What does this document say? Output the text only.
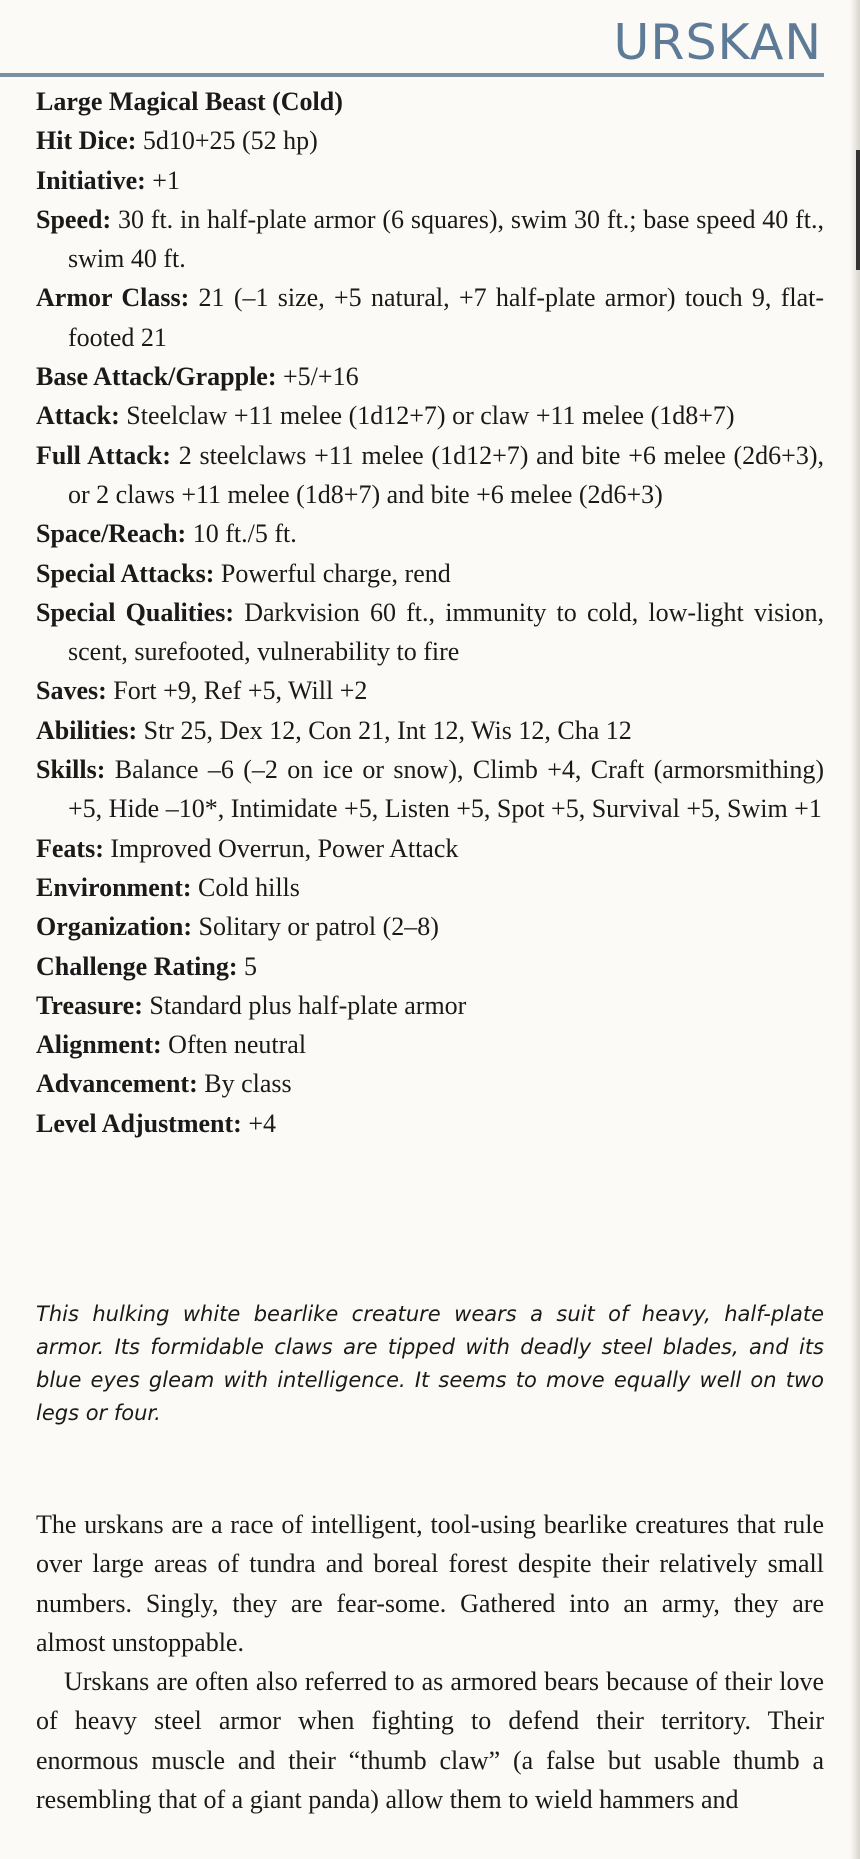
URSKAN
Large Magical Beast (Cold)
Hit Dice: 5d10+25 (52 hp)
Initiative: +1
Speed: 30 ft. in half-plate armor (6 squares), swim 30 ft.; base speed 40 ft., swim 40 ft.
Armor Class: 21 (–1 size, +5 natural, +7 half-plate armor) touch 9, flat-footed 21
Base Attack/Grapple: +5/+16
Attack: Steelclaw +11 melee (1d12+7) or claw +11 melee (1d8+7)
Full Attack: 2 steelclaws +11 melee (1d12+7) and bite +6 melee (2d6+3), or 2 claws +11 melee (1d8+7) and bite +6 melee (2d6+3)
Space/Reach: 10 ft./5 ft.
Special Attacks: Powerful charge, rend
Special Qualities: Darkvision 60 ft., immunity to cold, low-light vision, scent, surefooted, vulnerability to fire
Saves: Fort +9, Ref +5, Will +2
Abilities: Str 25, Dex 12, Con 21, Int 12, Wis 12, Cha 12
Skills: Balance –6 (–2 on ice or snow), Climb +4, Craft (armorsmithing) +5, Hide –10*, Intimidate +5, Listen +5, Spot +5, Survival +5, Swim +1
Feats: Improved Overrun, Power Attack
Environment: Cold hills
Organization: Solitary or patrol (2–8)
Challenge Rating: 5
Treasure: Standard plus half-plate armor
Alignment: Often neutral
Advancement: By class
Level Adjustment: +4

This hulking white bearlike creature wears a suit of heavy, half-plate armor. Its formidable claws are tipped with deadly steel blades, and its blue eyes gleam with intelligence. It seems to move equally well on two legs or four.

The urskans are a race of intelligent, tool-using bearlike creatures that rule over large areas of tundra and boreal forest despite their relatively small numbers. Singly, they are fear-some. Gathered into an army, they are almost unstoppable.

Urskans are often also referred to as armored bears because of their love of heavy steel armor when fighting to defend their territory. Their enormous muscle and their “thumb claw” (a false but usable thumb a resembling that of a giant panda) allow them to wield hammers and
